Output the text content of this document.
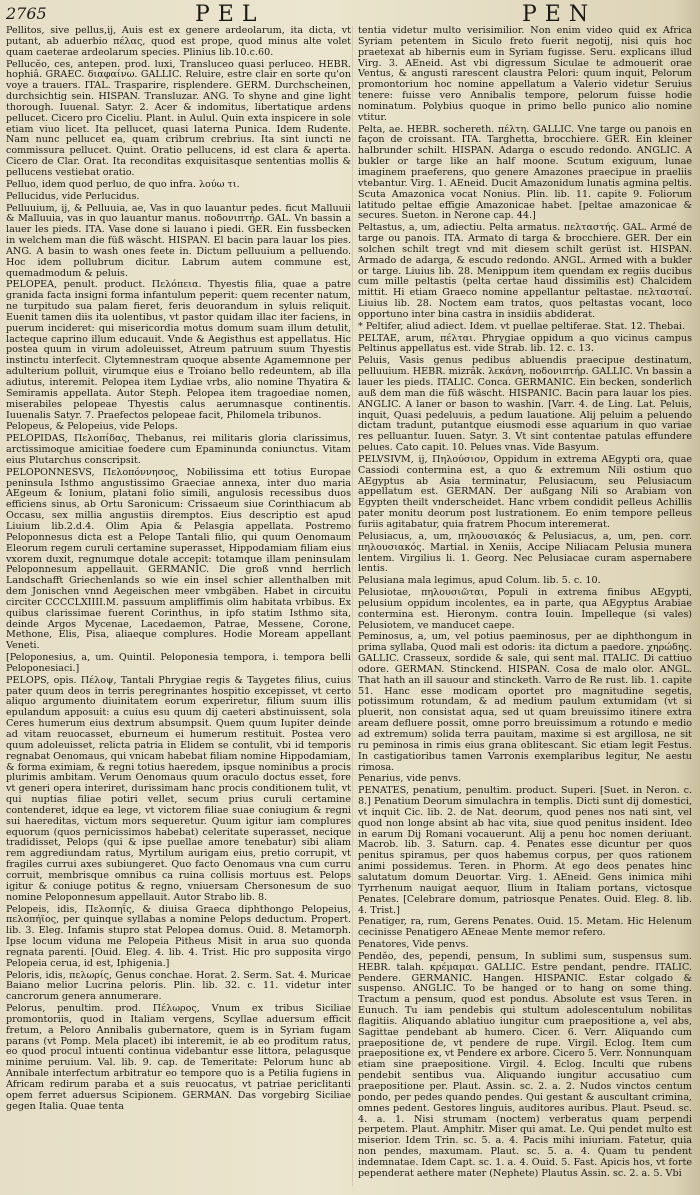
2765	PEL	PEN

Pellitos, sive pellus,ij, Auis est ex genere ardeolarum, ita dicta, vt putant, ab aduerbio πέλας, quod est prope, quod minus alte volet quam caeterae ardeolarum species. Plinius lib.10.c.60.

Pellucĕo, ces, antepen. prod. luxi, Transluceo quasi perluceo. HEBR. hophiâ. GRAEC. διαφαίνω. GALLIC. Reluire, estre clair en sorte qu'on voye a trauers. ITAL. Trasparire, risplendere. GERM. Durchscheinen, durchsichtig sein. HISPAN. Transluzar. ANG. To shyne and gine light thorough. Iuuenal. Satyr. 2. Acer & indomitus, libertatique ardens pellucet. Cicero pro Ciceliu. Plant. in Aulul. Quin exta inspicere in sole etiam viuo licet. Ita pellucet, quasi laterna Punica. Idem Rudente. Nam nunc pellucet ea, quam cribrum crebrius. Ita sint iuncti ne commissura pellucet. Quint. Oratio pellucens, id est clara & aperta. Cicero de Clar. Orat. Ita reconditas exquisitasque sententias mollis & pellucens vestiebat oratio.

Pelluo, idem quod perluo, de quo infra. λούω τι.

Pellucidus, vide Perlucidus.

Pelluuium, ij, & Pelluuia, ae, Vas in quo lauantur pedes. ficut Malluuii & Malluuia, vas in quo lauantur manus. ποδονιπτήρ. GAL. Vn bassin a lauer les pieds. ITA. Vase done si lauano i piedi. GER. Ein fussbecken in welchem man die füß wäscht. HISPAN. El bacin para lauar los pies. ANG. A basin to wash ones feete in. Dictum pelluuium a pelluendo. Hoc idem pollubrum dicitur. Labrum autem commune est, quemadmodum & peluis.

PELOPEA, penult. product. Πελόπεια. Thyestis filia, quae a patre granida facta insigni forma infantulum peperit: quem recenter natum, ne turpitudo sua palam fieret, feris deuorandum in syluis reliquit. Euenit tamen diis ita uolentibus, vt pastor quidam illac iter faciens, in puerum incideret: qui misericordia motus domum suam illum detulit, lacteque caprino illum educauit. Vnde & Aegisthus est appellatus. Hic postea quum in virum adoleuisset, Atreum patruum suum Thyestis instinctu interfecit. Clytemnestram quoque absente Agamemnone per adulterium polluit, virumque eius e Troiano bello redeuntem, ab illa adiutus, interemit. Pelopea item Lydiae vrbs, alio nomine Thyatira & Semiramis appellata. Autor Steph. Pelopea item tragoediae nomen, miserabiles pelopeae Thyestis calus aerumnasque continentis. Iuuenalis Satyr. 7. Praefectos pelopeae facit, Philomela tribunos.

Pelopeus, & Pelopeius, vide Pelops.

PELOPIDAS, Πελοπίδας, Thebanus, rei militaris gloria clarissimus, arctissimoque amicitiae foedere cum Epaminunda coniunctus. Vitam eius Plutarchus conscripsit.

PELOPONNESVS, Πελοπόννησος, Nobilissima ett totius Europae peninsula Isthmo angustissimo Graeciae annexa, inter duo maria AEgeum & Ionium, platani folio simili, angulosis recessibus duos efficiens sinus, ab Ortu Saronicum: Crissaeum siue Corinthiacum ab Occasu, sex millia angustiis diremptos. Eius descriptio est apud Liuium lib.2.d.4. Olim Apia & Pelasgia appellata. Postremo Peloponnesus dicta est a Pelope Tantali filio, qui quum Oenomaum Eleorum regem curuli certamine superasset, Hippodamiam filiam eius vxorem duxit, regnumque dotale accepit: totamque illam peninsulam Peloponnesum appellauit. GERMANIC. Die groß vnnd herrlich Landschafft Griechenlands so wie ein insel schier allenthalben mit dem Jonischen vnnd Aegeischen meer vmbgäben. Habet in circuitu circiter CCCCLXIIII.M. passuum ampliffimis olim habitata vrbibus. Ex quibus clarissimae fuerent Corinthus, in ipfo statim Isthmo sita, deinde Argos Mycenae, Lacedaemon, Patrae, Messene, Corone, Methone, Elis, Pisa, aliaeque complures. Hodie Moream appellant Veneti.

[Peloponesius, a, um. Quintil. Peloponesia tempora, i. tempora belli Peloponesiaci.]

PELOPS, opis. Πέλοψ, Tantali Phrygiae regis & Taygetes filius, cuius pater quum deos in terris peregrinantes hospitio excepisset, vt certo aliquo argumento diuinitatem eorum experiretur, filium suum illis epulandum apposuit: a cuius esu quum dij caeteri abstinuissent, sola Ceres humerum eius dextrum absumpsit. Quem quum Iupiter deinde ad vitam reuocasset, eburneum ei humerum restituit. Postea vero quum adoleuisset, relicta patria in Elidem se contulit, vbi id temporis regnabat Oenomaus, qui vnicam habebat filiam nomine Hippodamiam, & forma eximiam, & regni totius haeredem, ipsque nominibus a procis plurimis ambitam. Verum Oenomaus quum oraculo doctus esset, fore vt generi opera interiret, durissimam hanc procis conditionem tulit, vt qui nuptias filiae potiri vellet, secum prius curuli certamine contenderet, idque ea lege, vt victorem filiae suae coniugium & regni sui haereditas, victum mors sequeretur. Quum igitur iam complures equorum (quos pernicissimos habebat) celeritate superasset, necique tradidisset, Pelops (qui & ipse puellae amore tenebatur) sibi aliam rem aggrediundam ratus, Myrtilum aurigam eius, pretio corrupit, vt fragiles currui axes subiungeret. Quo facto Oenomaus vna cum curru corruit, membrisque omnibus ca ruina collisis mortuus est. Pelops igitur & coniuge potitus & regno, vniuersam Chersonesum de suo nomine Peloponnesum appellauit. Autor Strabo lib. 8.

Pelopeis, idis, Πελοπηΐς, & diuisa Graeca diphthongo Pelopeius, πελοπήϊος, per quinque syllabas a nomine Pelops deductum. Propert. lib. 3. Eleg. Infamis stupro stat Pelopea domus. Ouid. 8. Metamorph. Ipse locum viduna me Pelopeia Pitheus Misit in arua suo quonda regnata parenti. [Ouid. Eleg. 4. lib. 4. Trist. Hic pro supposita virgo Pelopeia cerua, id est, Iphigenia.]

Peloris, idis, πελωρίς, Genus conchae. Horat. 2. Serm. Sat. 4. Muricae Baiano melior Lucrina peloris. Plin. lib. 32. c. 11. videtur inter cancrorum genera annumerare.

Pelorus, penultim. prod. Πέλωρος, Vnum ex tribus Siciliae promontoriis, quod in Italiam vergens, Scyllae aduersum efficit fretum, a Peloro Annibalis gubernatore, quem is in Syriam fugam parans (vt Pomp. Mela placet) ibi interemit, ie ab eo proditum ratus, eo quod procul intuenti continua videbantur esse littora, pelagusque minime peruium. Val. lib. 9. cap. de Temeritate: Pelorum hunc ab Annibale interfectum arbitratur eo tempore quo is a Petilia fugiens in Africam redirum paraba et a suis reuocatus, vt patriae periclitanti opem ferret aduersus Scipionem. GERMAN. Das vorgebirg Siciliae gegen Italia. Quae tenta

tentia videtur multo verisimilior. Non enim video quid ex Africa Syriam petentem in Siculo freto fuerit negotij, nisi quis hoc praetexat ab hibernis eum in Syriam fugisse. Seru. explicans illud Virg. 3. AEneid. Ast vbi digressum Siculae te admouerit orae Ventus, & angusti rarescent claustra Pelori: quum inquit, Pelorum promontorium hoc nomine appellatum a Valerio videtur Seruius tenere: fuisse vero Annibalis tempore, pelorum fuisse hodie nominatum. Polybius quoque in primo bello punico alio nomine vtitur.

Pelta, ae. HEBR. sochereth. πέλτη. GALLIC. Vne targe ou panois en façon de croissant. ITA. Targhetta, brocchiere. GER. Ein kleiner halbrunder schilt. HISPAN. Adarga o escudo redondo. ANGLIC. A bukler or targe like an half moone. Scutum exiguum, lunae imaginem praeferens, quo genere Amazones praecipue in praeliis vtebantur. Virg. 1. AEneid. Ducit Amazonidum lunatis agmina peltis. Scuta Amazonica vocat Nonius. Plin. lib. 11. capite 9. Foliorum latitudo peltae effigie Amazonicae habet. [peltae amazonicae & secures. Sueton. in Nerone cap. 44.]

Peltastus, a, um, adiectiu. Pelta armatus. πελταστής. GAL. Armé de targe ou panois. ITA. Armato di targa & brocchiere. GER. Der ein solchen schilt tregt vnd mit diesem schilt gerüst ist. HISPAN. Armado de adarga, & escudo redondo. ANGL. Armed with a bukler or targe. Liuius lib. 28. Menippum item quendam ex regiis ducibus cum mille peltastis (pelta certae haud dissimilis est) Chalcidem mittit. Hi etiam Graeco nomine appellantur peltastae. πελτασταί. Liuius lib. 28. Noctem eam tratos, quos peltastas vocant, loco opportuno inter bina castra in insidiis abdiderat.

* Peltifer, aliud adiect. Idem. vt puellae peltiferae. Stat. 12. Thebai.

PELTAE, arum, πέλται. Phrygiae oppidum a quo vicinus campus Peltinus appellatus est. vide Strab. lib. 12. c. 13.

Peluis, Vasis genus pedibus abluendis praecipue destinatum, pelluuium. HEBR. mizrâk. λεκάνη, ποδονιπτήρ. GALLIC. Vn bassin a lauer les pieds. ITALIC. Conca. GERMANIC. Ein becken, sonderlich auß dem man die füß wäscht. HISPANIC. Bacin para lauar los pies. ANGLIC. A laner or bason to washin. [Varr. 4. de Ling. Lat. Peluis, inquit, Quasi pedeluuis, a pedum lauatione. Alij peluim a peluendo dictam tradunt, putantque eiusmodi esse aquarium in quo variae res pelluantur. Iuuen. Satyr. 3. Vt sint contentae patulas effundere pelues. Cato capit. 10. Pelues vnas. Vide Basyum.

PELVSIVM, ij, Πηλούσιον, Oppidum in extrema AEgypti ora, quae Cassiodi contermina est, a quo & extremum Nili ostium quo AEgyptus ab Asia terminatur, Pelusiacum, seu Pelusiacum appellatum est. GERMAN. Der außgang Nili so Arabiam von Egypten theilt vnderscheidet. Hanc vrbem condidit pelleus Achillis pater monitu deorum post lustrationem. Eo enim tempore pelleus furiis agitabatur, quia fratrem Phocum interemerat.

Pelusiacus, a, um, πηλουσιακός & Pelusiacus, a, um, pen. corr. πηλουσιακός. Martial. in Xeniis, Accipe Niliacam Pelusia munera lentem. Virgilius li. 1. Georg. Nec Pelusiacae curam aspernabere lentis.

Pelusiana mala legimus, apud Colum. lib. 5. c. 10.

Pelusiotae, πηλουσιῶται, Populi in extrema finibus AEgypti, pelusium oppidum incolentes, ea in parte, qua AEgyptus Arabiae contermina est. Hieronym. contra Iouin. Impelleque (si vales) Pelusiotem, ve manducet caepe.

Peminosus, a, um, vel potius paeminosus, per ae diphthongum in prima syllaba, Quod mali est odoris: ita dictum a paedore. χηρώδης. GALLIC. Crasseux, sordide & sale, qui sent mal. ITALIC. Di cattiuo odore. GERMAN. Stinckend. HISPAN. Cosa de malo olor. ANGL. That hath an ill sauour and stincketh. Varro de Re rust. lib. 1. capite 51. Hanc esse modicam oportet pro magnitudine segetis, potissimum rotundam, & ad medium paulum extumidam (vt si pluerit, non consistat aqua, sed ut quam breuissimo itinere extra aream defluere possit, omne porro breuissimum a rotundo e medio ad extremum) solida terra pauitam, maxime si est argillosa, ne sit ru peminosa in rimis eius grana oblitescant. Sic etiam legit Festus. In castigatioribus tamen Varronis exemplaribus legitur, Ne aestu rimosa.

Penarius, vide penvs.

PENATES, penatium, penultim. product. Superi. [Suet. in Neron. c. 8.] Penatium Deorum simulachra in templis. Dicti sunt dij domestici, vt inquit Cic. lib. 2. de Nat. deorum, quod penes nos nati sint, vel quod non longe absint ab hac vita, siue quod penitus insident. Ideo in earum Dij Romani vocauerunt. Alij a penu hoc nomen deriuant. Macrob. lib. 3. Saturn. cap. 4. Penates esse dicuntur per quos penitus spiramus, per quos habemus corpus, per quos rationem animi possidemus. Teren. in Phorm. At ego deos penates hinc salutatum domum Deuortar. Virg. 1. AEneid. Gens inimica mihi Tyrrhenum nauigat aequor, Ilium in Italiam portans, victosque Penates. [Celebrare domum, patriosque Penates. Ouid. Eleg. 8. lib. 4. Trist.]

Penatiger, ra, rum, Gerens Penates. Ouid. 15. Metam. Hic Helenum cecinisse Penatigero AEneae Mente memor refero.

Penatores, Vide penvs.

Pendĕo, des, pependi, pensum, In sublimi sum, suspensus sum. HEBR. talah. κρέμαμαι. GALLIC. Estre pendant, pendre. ITALIC. Pendere. GERMANIC. Hangen. HISPANIC. Estar colgado & suspenso. ANGLIC. To be hanged or to hang on some thing. Tractum a pensum, quod est pondus. Absolute est vsus Teren. in Eunuch. Tu iam pendebis qui stultum adolescentulum nobilitas flagitiis. Aliquando ablatiuo iungitur cum praepositione a, vel abs, Sagittae pendebant ab humero. Cicer. 6. Verr. Aliquando cum praepositione de, vt pendere de rupe. Virgil. Eclog. Item cum praepositione ex, vt Pendere ex arbore. Cicero 5. Verr. Nonnunquam etiam sine praepositione. Virgil. 4. Eclog. Inculti que rubens pendebit sentibus vua. Aliquando iungitur accusatiuo cum praepositione per. Plaut. Assin. sc. 2. a. 2. Nudos vinctos centum pondo, per pedes quando pendes. Qui gestant & auscultant crimina, omnes pedent. Gestores linguis, auditores auribus. Plaut. Pseud. sc. 4. a. 1. Nisi strumam (noctem) verberatus quam perpendi perpetem. Plaut. Amphitr. Miser qui amat. Le. Qui pendet multo est miserior. Idem Trin. sc. 5. a. 4. Pacis mihi iniuriam. Fatetur, quia non pendes, maxumam. Plaut. sc. 5. a. 4. Quam tu pendent indemnatae. Idem Capt. sc. 1. a. 4. Ouid. 5. Fast. Apicis hos, vt forte pependerat aethere mater (Nephete) Plautus Assin. sc. 2. a. 5. Vbi
